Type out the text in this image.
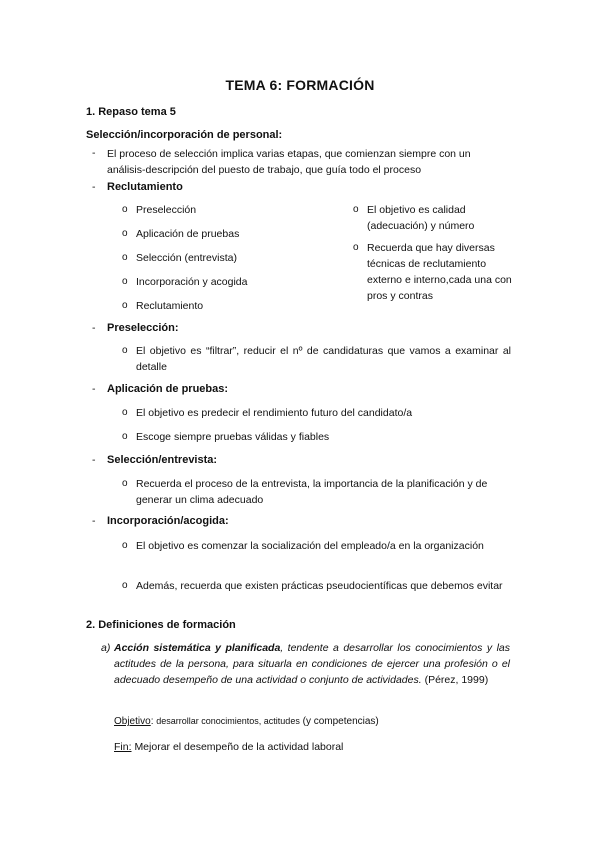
TEMA 6: FORMACIÓN
1. Repaso tema 5
Selección/incorporación de personal:
- El proceso de selección implica varias etapas, que comienzan siempre con un análisis-descripción del puesto de trabajo, que guía todo el proceso
- Reclutamiento
o Preselección
o Aplicación de pruebas
o Selección (entrevista)
o Incorporación y acogida
o Reclutamiento
o El objetivo es calidad (adecuación) y número
o Recuerda que hay diversas técnicas de reclutamiento externo e interno,cada una con pros y contras
- Preselección:
o El objetivo es “filtrar”, reducir el nº de candidaturas que vamos a examinar al detalle
- Aplicación de pruebas:
o El objetivo es predecir el rendimiento futuro del candidato/a
o Escoge siempre pruebas válidas y fiables
- Selección/entrevista:
o Recuerda el proceso de la entrevista, la importancia de la planificación y de generar un clima adecuado
- Incorporación/acogida:
o El objetivo es comenzar la socialización del empleado/a en la organización
o Además, recuerda que existen prácticas pseudocientíficas que debemos evitar
2. Definiciones de formación
a) Acción sistemática y planificada, tendente a desarrollar los conocimientos y las actitudes de la persona, para situarla en condiciones de ejercer una profesión o el adecuado desempeño de una actividad o conjunto de actividades. (Pérez, 1999)

Objetivo: desarrollar conocimientos, actitudes (y competencias)

Fin: Mejorar el desempeño de la actividad laboral
